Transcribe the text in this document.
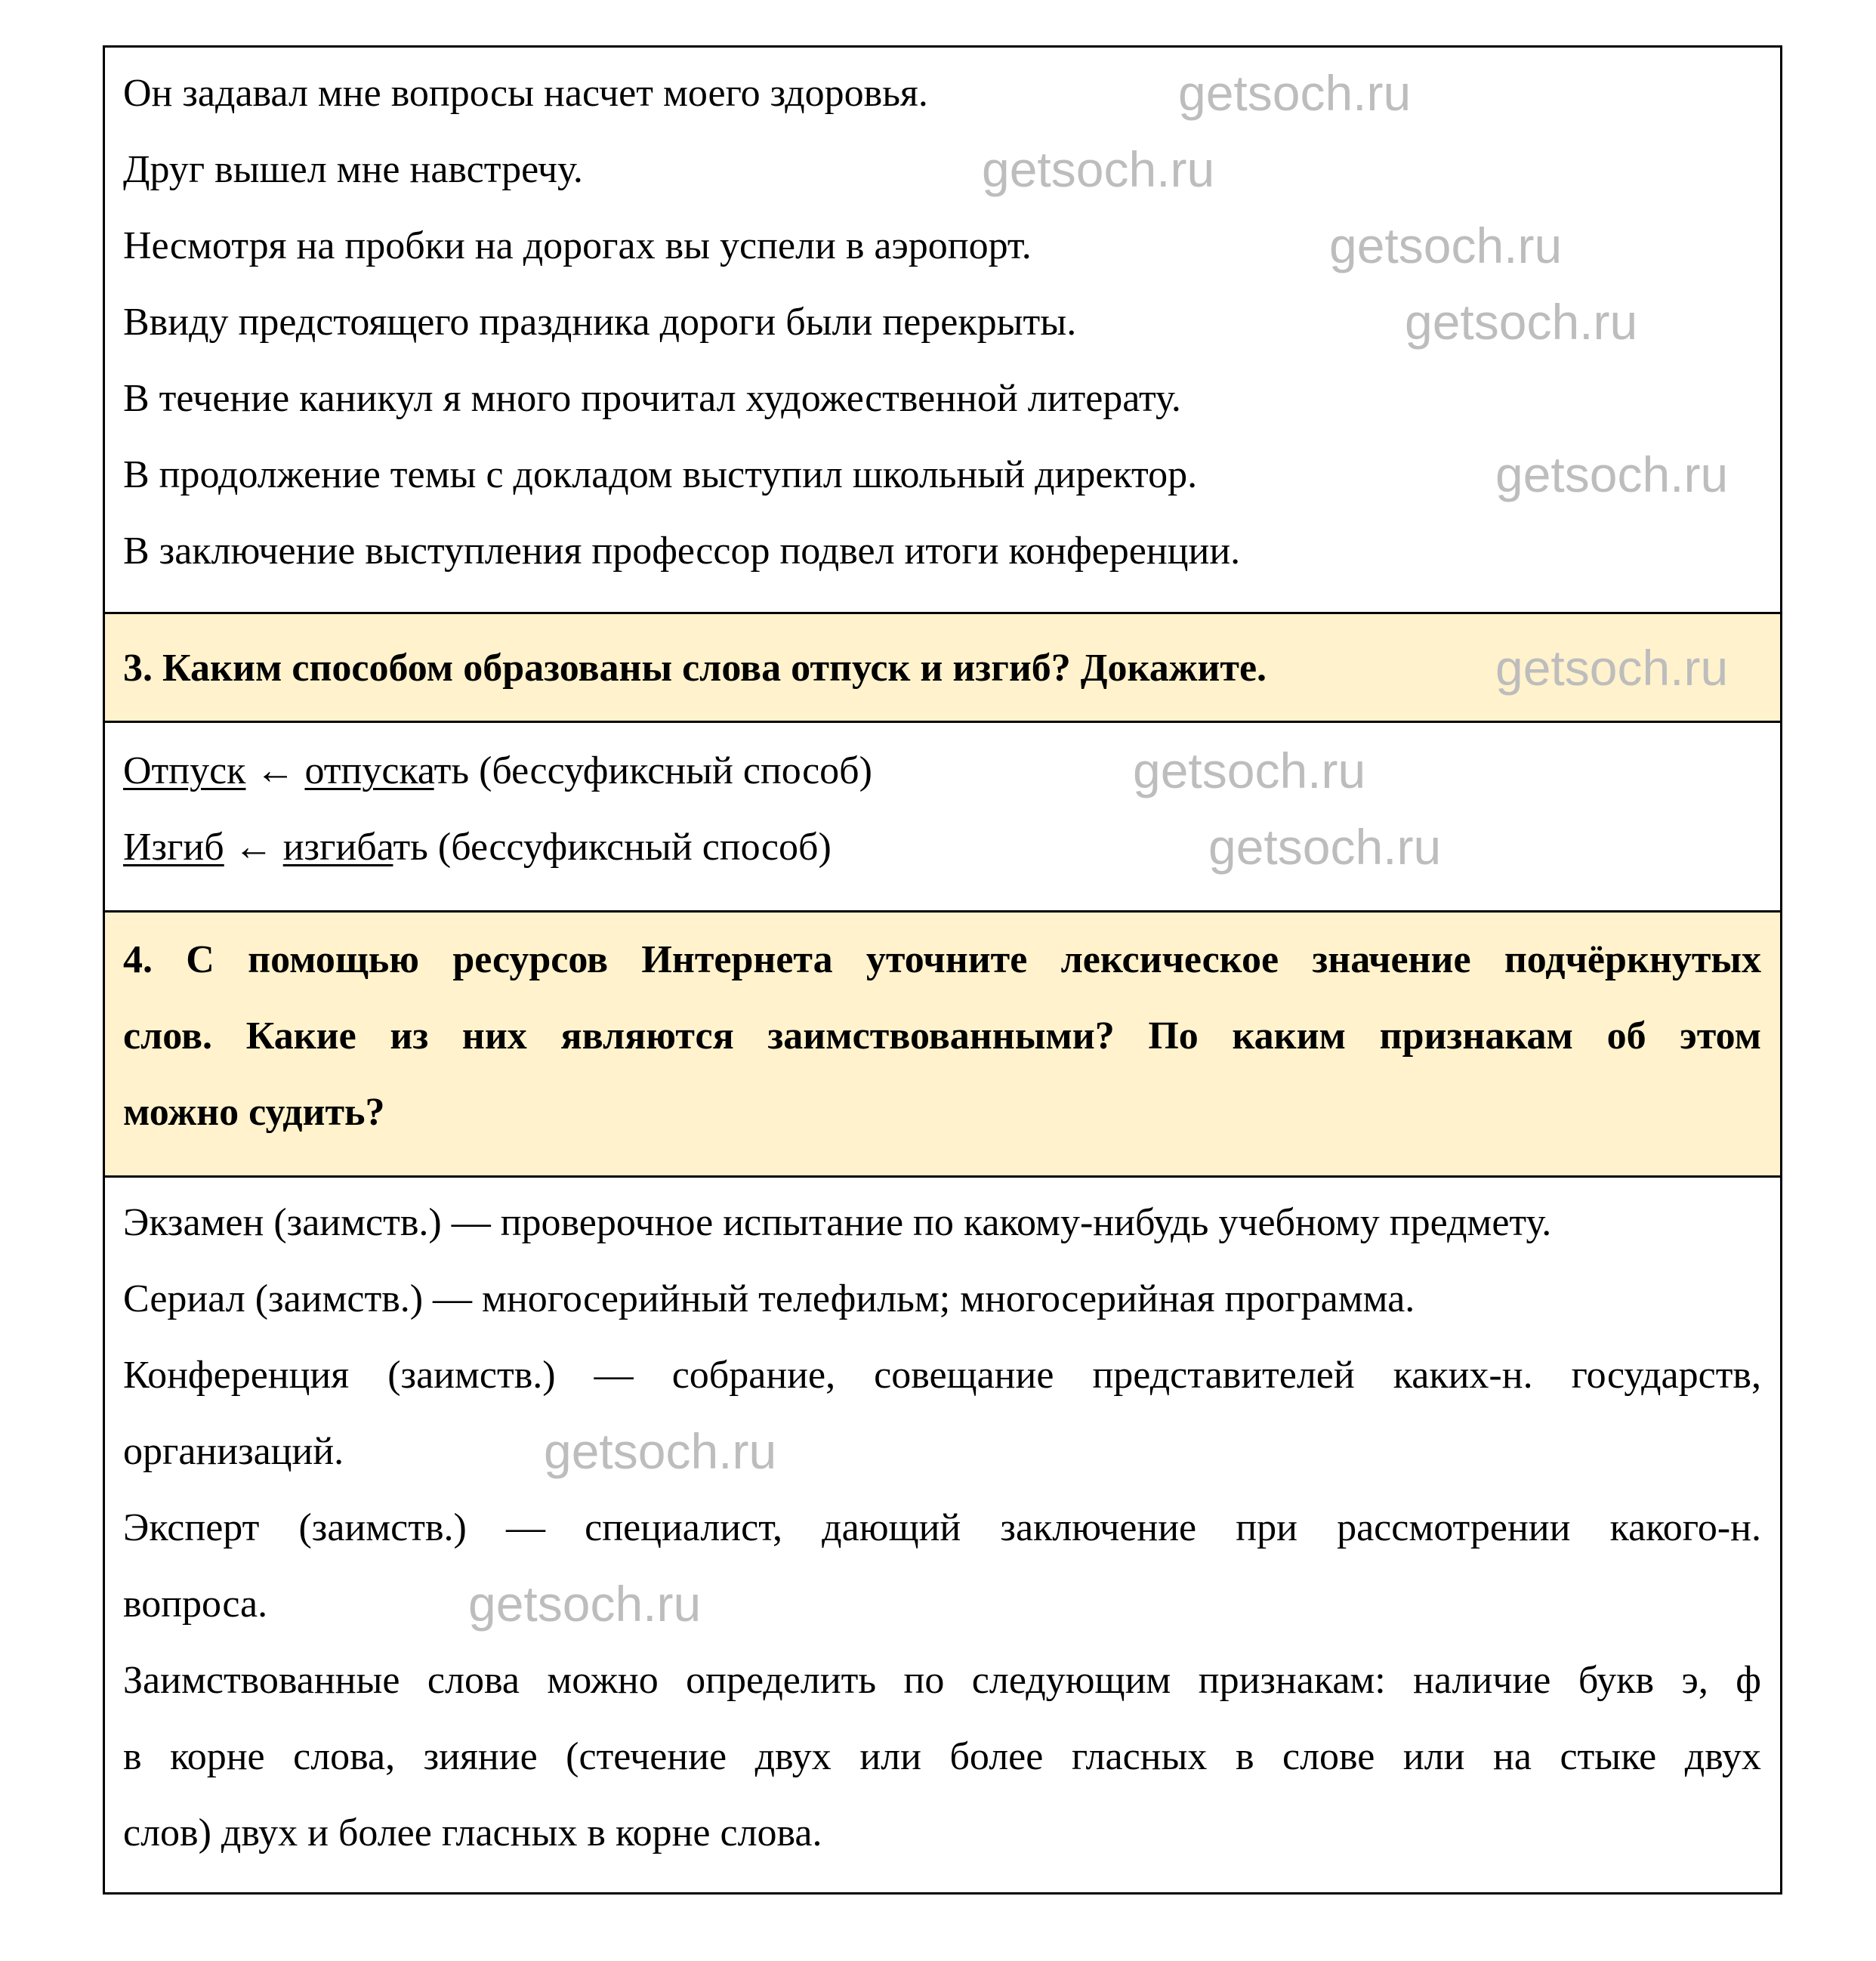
Он задавал мне вопросы насчет моего здоровья.
Друг вышел мне навстречу.
Несмотря на пробки на дорогах вы успели в аэропорт.
Ввиду предстоящего праздника дороги были перекрыты.
В течение каникул я много прочитал художественной литерату.
В продолжение темы с докладом выступил школьный директор.
В заключение выступления профессор подвел итоги конференции.
3. Каким способом образованы слова отпуск и изгиб? Докажите.
Отпуск ← отпускать (бессуфиксный способ)
Изгиб ← изгибать (бессуфиксный способ)
4. С помощью ресурсов Интернета уточните лексическое значение подчёркнутых
слов. Какие из них являются заимствованными? По каким признакам об этом
можно судить?
Экзамен (заимств.) — проверочное испытание по какому-нибудь учебному предмету.
Сериал (заимств.) — многосерийный телефильм; многосерийная программа.
Конференция (заимств.) — собрание, совещание представителей каких-н. государств,
организаций.
Эксперт (заимств.) — специалист, дающий заключение при рассмотрении какого-н.
вопроса.
Заимствованные слова можно определить по следующим признакам: наличие букв э, ф
в корне слова, зияние (стечение двух или более гласных в слове или на стыке двух
слов) двух и более гласных в корне слова.
getsoch.ru
getsoch.ru
getsoch.ru
getsoch.ru
getsoch.ru
getsoch.ru
getsoch.ru
getsoch.ru
getsoch.ru
getsoch.ru
